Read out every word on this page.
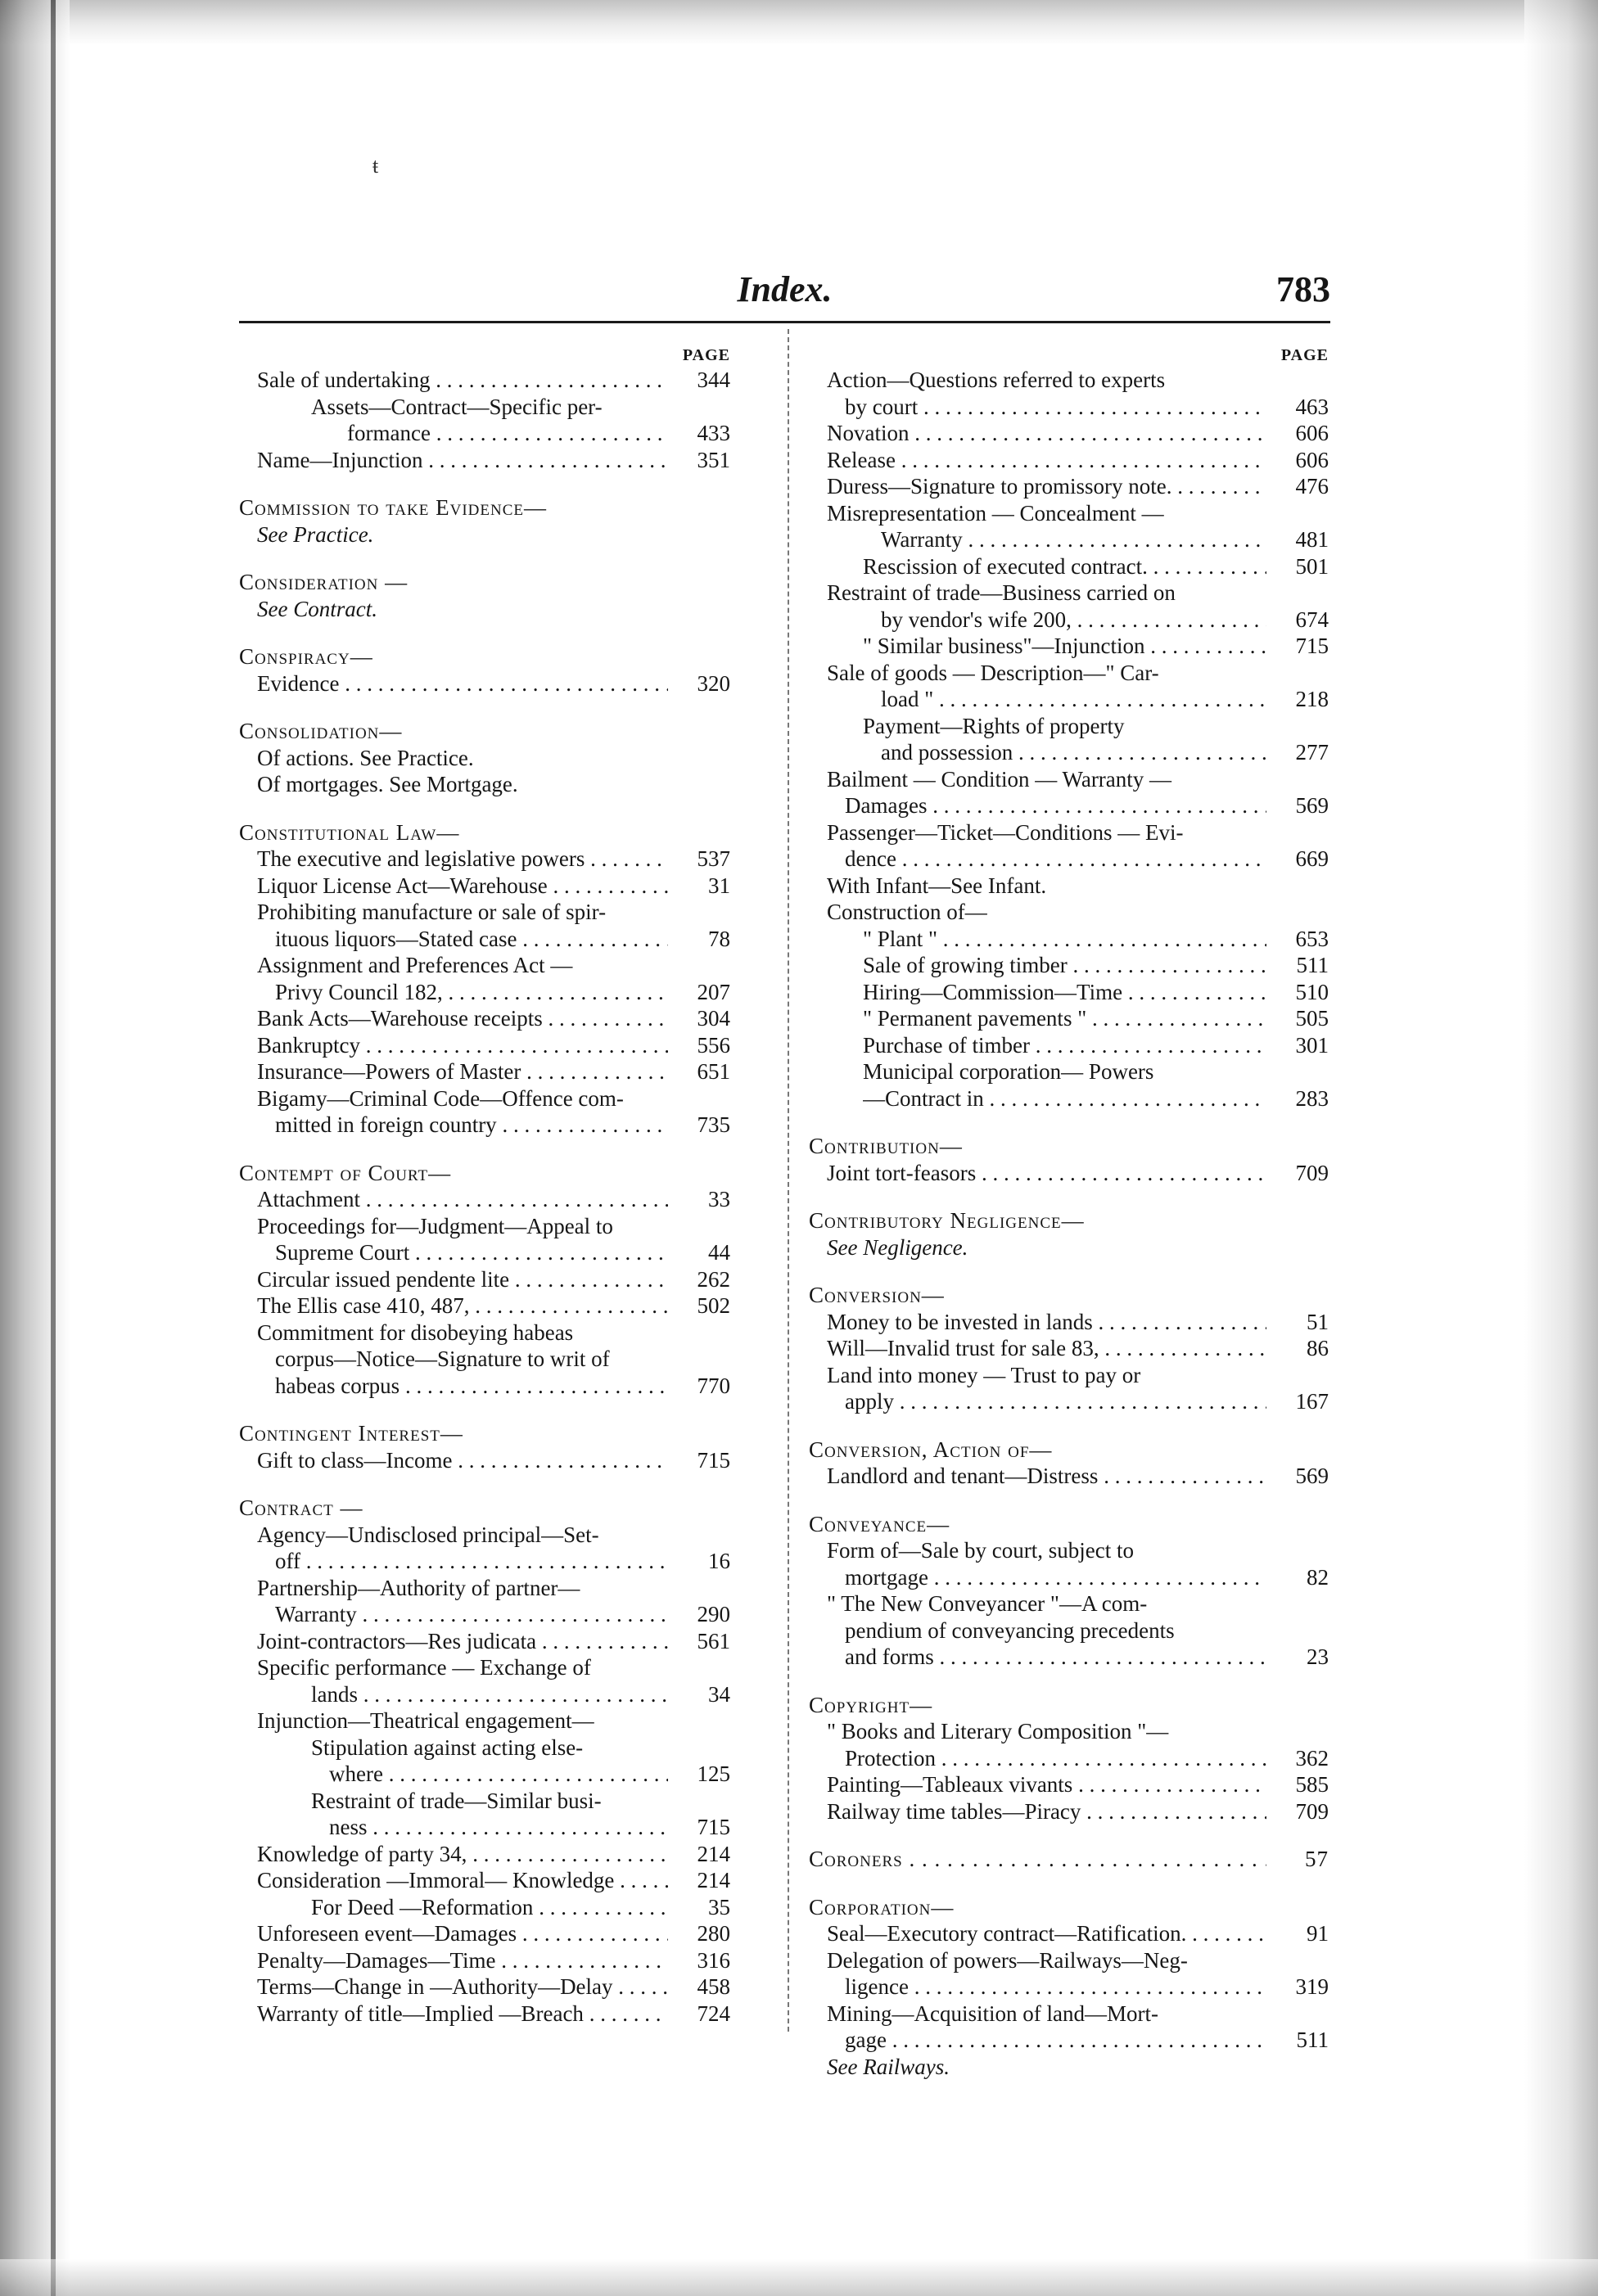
ŧ
Index.	783
PAGE
Sale of undertaking . . .	344
Assets—Contract—Specific per-
formance . . .	433
Name—Injunction . . .	351
Commission to take Evidence—
See Practice.
Consideration —
See Contract.
Conspiracy—
Evidence . . .	320
Consolidation—
Of actions. See Practice.
Of mortgages. See Mortgage.
Constitutional Law—
The executive and legislative powers . . .	537
Liquor License Act—Warehouse . . .	31
Prohibiting manufacture or sale of spir-
ituous liquors—Stated case . . .	78
Assignment and Preferences Act —
Privy Council 182, . . .	207
Bank Acts—Warehouse receipts . . .	304
Bankruptcy . . .	556
Insurance—Powers of Master . . .	651
Bigamy—Criminal Code—Offence com-
mitted in foreign country . . .	735
Contempt of Court—
Attachment . . .	33
Proceedings for—Judgment—Appeal to
Supreme Court . . .	44
Circular issued pendente lite . . .	262
The Ellis case 410, 487, . . .	502
Commitment for disobeying habeas
corpus—Notice—Signature to writ of
habeas corpus . . .	770
Contingent Interest—
Gift to class—Income . . .	715
Contract —
Agency—Undisclosed principal—Set-
off . . .	16
Partnership—Authority of partner—
Warranty . . .	290
Joint-contractors—Res judicata . . .	561
Specific performance — Exchange of
lands . . .	34
Injunction—Theatrical engagement—
Stipulation against acting else-
where . . .	125
Restraint of trade—Similar busi-
ness . . .	715
Knowledge of party 34, . . .	214
Consideration —Immoral— Knowledge . . .	214
For Deed —Reformation . . .	35
Unforeseen event—Damages . . .	280
Penalty—Damages—Time . . .	316
Terms—Change in —Authority—Delay . . .	458
Warranty of title—Implied —Breach . . .	724
PAGE
Action—Questions referred to experts
by court . . .	463
Novation . . .	606
Release . . .	606
Duress—Signature to promissory note. . . .	476
Misrepresentation — Concealment —
Warranty . . .	481
Rescission of executed contract. . . .	501
Restraint of trade—Business carried on
by vendor's wife 200, . . .	674
" Similar business"—Injunction . . .	715
Sale of goods — Description—" Car-
load " . . .	218
Payment—Rights of property
and possession . . .	277
Bailment — Condition — Warranty —
Damages . . .	569
Passenger—Ticket—Conditions — Evi-
dence . . .	669
With Infant—See Infant.
Construction of—
" Plant " . . .	653
Sale of growing timber . . .	511
Hiring—Commission—Time . . .	510
" Permanent pavements " . . .	505
Purchase of timber . . .	301
Municipal corporation— Powers
—Contract in . . .	283
Contribution—
Joint tort-feasors . . .	709
Contributory Negligence—
See Negligence.
Conversion—
Money to be invested in lands . . .	51
Will—Invalid trust for sale 83, . . .	86
Land into money — Trust to pay or
apply . . .	167
Conversion, Action of—
Landlord and tenant—Distress . . .	569
Conveyance—
Form of—Sale by court, subject to
mortgage . . .	82
" The New Conveyancer "—A com-
pendium of conveyancing precedents
and forms . . .	23
Copyright—
" Books and Literary Composition "—
Protection . . .	362
Painting—Tableaux vivants . . .	585
Railway time tables—Piracy . . .	709
Coroners . . .	57
Corporation—
Seal—Executory contract—Ratification. . . .	91
Delegation of powers—Railways—Neg-
ligence . . .	319
Mining—Acquisition of land—Mort-
gage . . .	511
See Railways.
